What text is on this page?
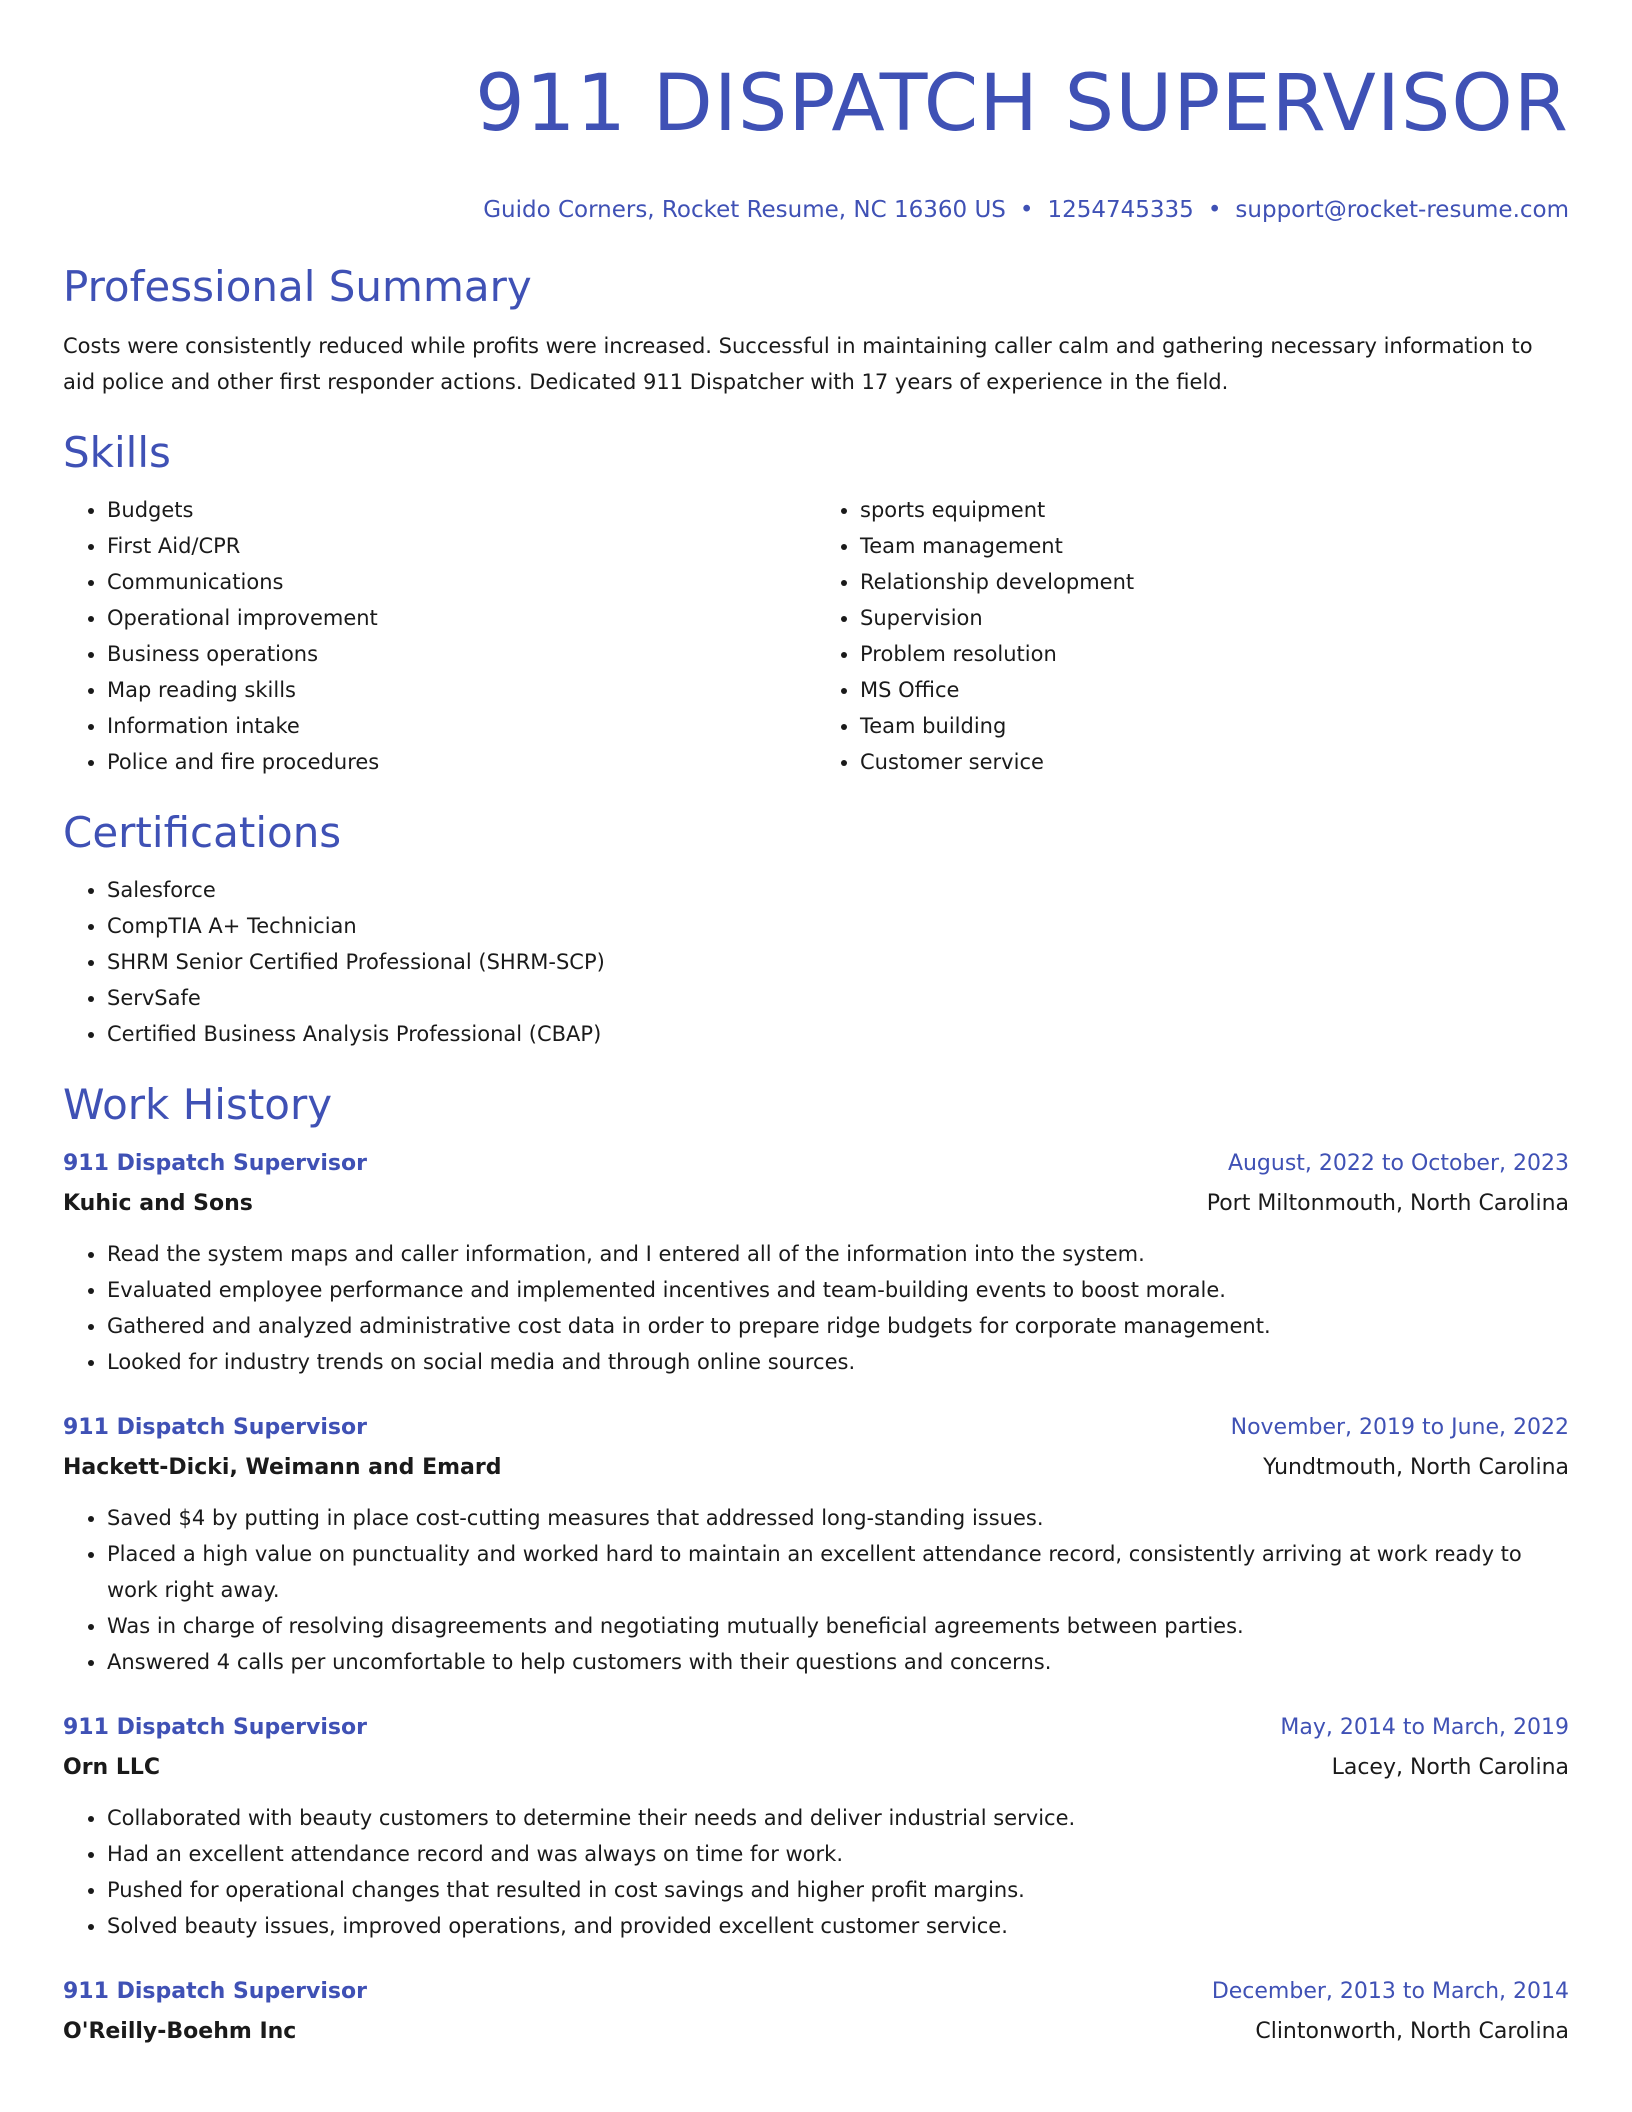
911 DISPATCH SUPERVISOR
Guido Corners, Rocket Resume, NC 16360 US • 1254745335 • support@rocket-resume.com
Professional Summary
Costs were consistently reduced while profits were increased. Successful in maintaining caller calm and gathering necessary information to aid police and other first responder actions. Dedicated 911 Dispatcher with 17 years of experience in the field.
Skills
• Budgets
• First Aid/CPR
• Communications
• Operational improvement
• Business operations
• Map reading skills
• Information intake
• Police and fire procedures
• sports equipment
• Team management
• Relationship development
• Supervision
• Problem resolution
• MS Office
• Team building
• Customer service
Certifications
• Salesforce
• CompTIA A+ Technician
• SHRM Senior Certified Professional (SHRM-SCP)
• ServSafe
• Certified Business Analysis Professional (CBAP)
Work History
911 Dispatch Supervisor	August, 2022 to October, 2023
Kuhic and Sons	Port Miltonmouth, North Carolina
• Read the system maps and caller information, and I entered all of the information into the system.
• Evaluated employee performance and implemented incentives and team-building events to boost morale.
• Gathered and analyzed administrative cost data in order to prepare ridge budgets for corporate management.
• Looked for industry trends on social media and through online sources.
911 Dispatch Supervisor	November, 2019 to June, 2022
Hackett-Dicki, Weimann and Emard	Yundtmouth, North Carolina
• Saved $4 by putting in place cost-cutting measures that addressed long-standing issues.
• Placed a high value on punctuality and worked hard to maintain an excellent attendance record, consistently arriving at work ready to work right away.
• Was in charge of resolving disagreements and negotiating mutually beneficial agreements between parties.
• Answered 4 calls per uncomfortable to help customers with their questions and concerns.
911 Dispatch Supervisor	May, 2014 to March, 2019
Orn LLC	Lacey, North Carolina
• Collaborated with beauty customers to determine their needs and deliver industrial service.
• Had an excellent attendance record and was always on time for work.
• Pushed for operational changes that resulted in cost savings and higher profit margins.
• Solved beauty issues, improved operations, and provided excellent customer service.
911 Dispatch Supervisor	December, 2013 to March, 2014
O'Reilly-Boehm Inc	Clintonworth, North Carolina
